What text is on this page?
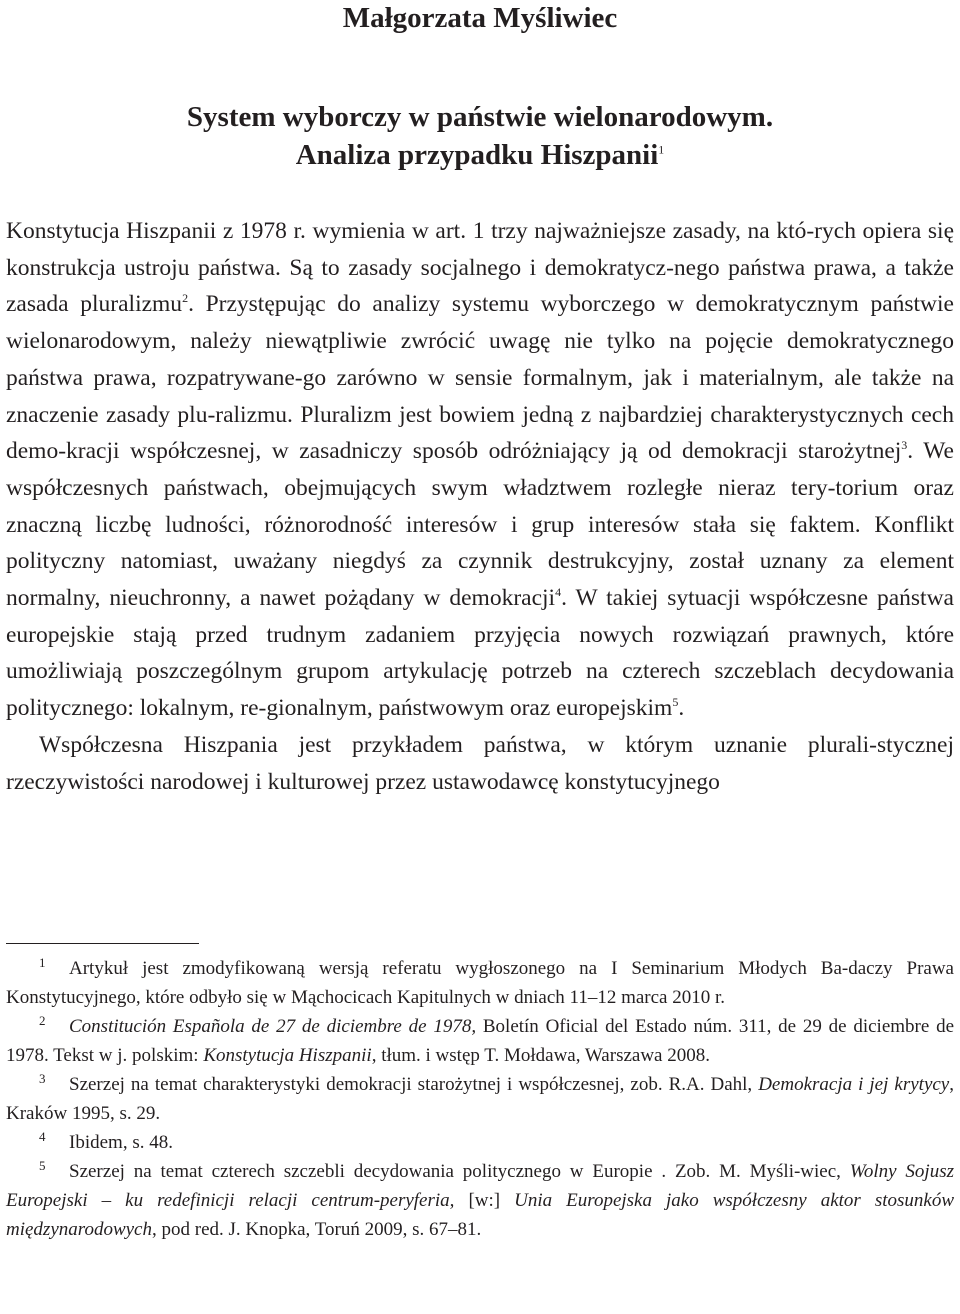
Małgorzata Myśliwiec
System wyborczy w państwie wielonarodowym.
Analiza przypadku Hiszpanii$^1$

Konstytucja Hiszpanii z 1978 r. wymienia w art. 1 trzy najważniejsze zasady, na któ-rych opiera się konstrukcja ustroju państwa. Są to zasady socjalnego i demokratycz-nego państwa prawa, a także zasada pluralizmu$^2$. Przystępując do analizy systemu wyborczego w demokratycznym państwie wielonarodowym, należy niewątpliwie zwrócić uwagę nie tylko na pojęcie demokratycznego państwa prawa, rozpatrywane-go zarówno w sensie formalnym, jak i materialnym, ale także na znaczenie zasady plu-ralizmu. Pluralizm jest bowiem jedną z najbardziej charakterystycznych cech demo-kracji współczesnej, w zasadniczy sposób odróżniający ją od demokracji starożytnej$^3$. We współczesnych państwach, obejmujących swym władztwem rozległe nieraz tery-torium oraz znaczną liczbę ludności, różnorodność interesów i grup interesów stała się faktem. Konflikt polityczny natomiast, uważany niegdyś za czynnik destrukcyjny, został uznany za element normalny, nieuchronny, a nawet pożądany w demokracji$^4$. W takiej sytuacji współczesne państwa europejskie stają przed trudnym zadaniem przyjęcia nowych rozwiązań prawnych, które umożliwiają poszczególnym grupom artykulację potrzeb na czterech szczeblach decydowania politycznego: lokalnym, re-gionalnym, państwowym oraz europejskim$^5$.

Współczesna Hiszpania jest przykładem państwa, w którym uznanie plurali-stycznej rzeczywistości narodowej i kulturowej przez ustawodawcę konstytucyjnego

1 Artykuł jest zmodyfikowaną wersją referatu wygłoszonego na I Seminarium Młodych Ba-daczy Prawa Konstytucyjnego, które odbyło się w Mąchocicach Kapitulnych w dniach 11–12 marca 2010 r.

2 Constitución Española de 27 de diciembre de 1978, Boletín Oficial del Estado núm. 311, de 29 de diciembre de 1978. Tekst w j. polskim: Konstytucja Hiszpanii, tłum. i wstęp T. Mołdawa, Warszawa 2008.

3 Szerzej na temat charakterystyki demokracji starożytnej i współczesnej, zob. R.A. Dahl, Demokracja i jej krytycy, Kraków 1995, s. 29.

4 Ibidem, s. 48.

5 Szerzej na temat czterech szczebli decydowania politycznego w Europie . Zob. M. Myśli-wiec, Wolny Sojusz Europejski – ku redefinicji relacji centrum-peryferia, [w:] Unia Europejska jako współczesny aktor stosunków międzynarodowych, pod red. J. Knopka, Toruń 2009, s. 67–81.
